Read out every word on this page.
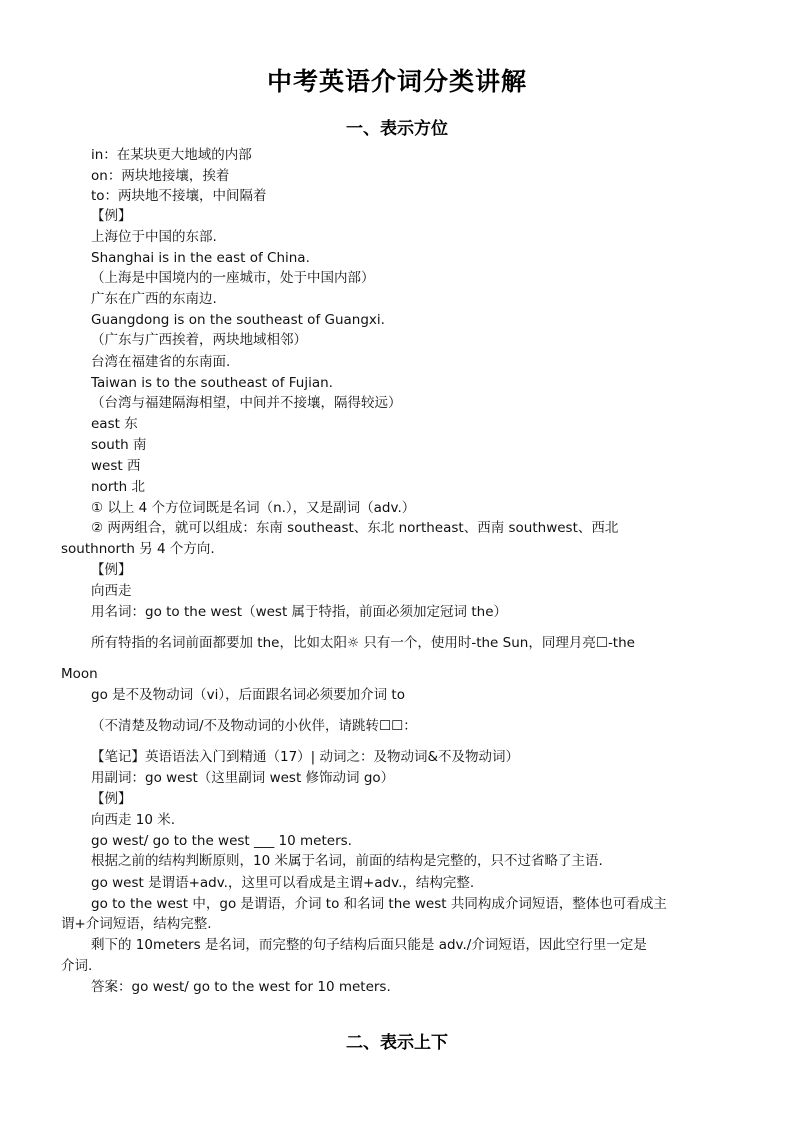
中考英语介词分类讲解
一、表示方位
in：在某块更大地域的内部
on：两块地接壤，挨着
to：两块地不接壤，中间隔着
【例】
上海位于中国的东部.
Shanghai is in the east of China.
（上海是中国境内的一座城市，处于中国内部）
广东在广西的东南边.
Guangdong is on the southeast of Guangxi.
（广东与广西挨着，两块地域相邻）
台湾在福建省的东南面.
Taiwan is to the southeast of Fujian.
（台湾与福建隔海相望，中间并不接壤，隔得较远）
east 东
south 南
west 西
north 北
① 以上 4 个方位词既是名词（n.），又是副词（adv.）
② 两两组合，就可以组成：东南 southeast、东北 northeast、西南 southwest、西北
southnorth 另 4 个方向.
【例】
向西走
用名词：go to the west（west 属于特指，前面必须加定冠词 the）
所有特指的名词前面都要加 the，比如太阳☼ 只有一个，使用时-the Sun，同理月亮☐-the
Moon
go 是不及物动词（vi），后面跟名词必须要加介词 to
（不清楚及物动词/不及物动词的小伙伴，请跳转☐☐：
【笔记】英语语法入门到精通（17）| 动词之：及物动词&不及物动词）
用副词：go west（这里副词 west 修饰动词 go）
【例】
向西走 10 米.
go west/ go to the west ___ 10 meters.
根据之前的结构判断原则，10 米属于名词，前面的结构是完整的，只不过省略了主语.
go west 是谓语+adv.，这里可以看成是主谓+adv.，结构完整.
go to the west 中，go 是谓语，介词 to 和名词 the west 共同构成介词短语，整体也可看成主
谓+介词短语，结构完整.
剩下的 10meters 是名词，而完整的句子结构后面只能是 adv./介词短语，因此空行里一定是
介词.
答案：go west/ go to the west for 10 meters.
二、表示上下
